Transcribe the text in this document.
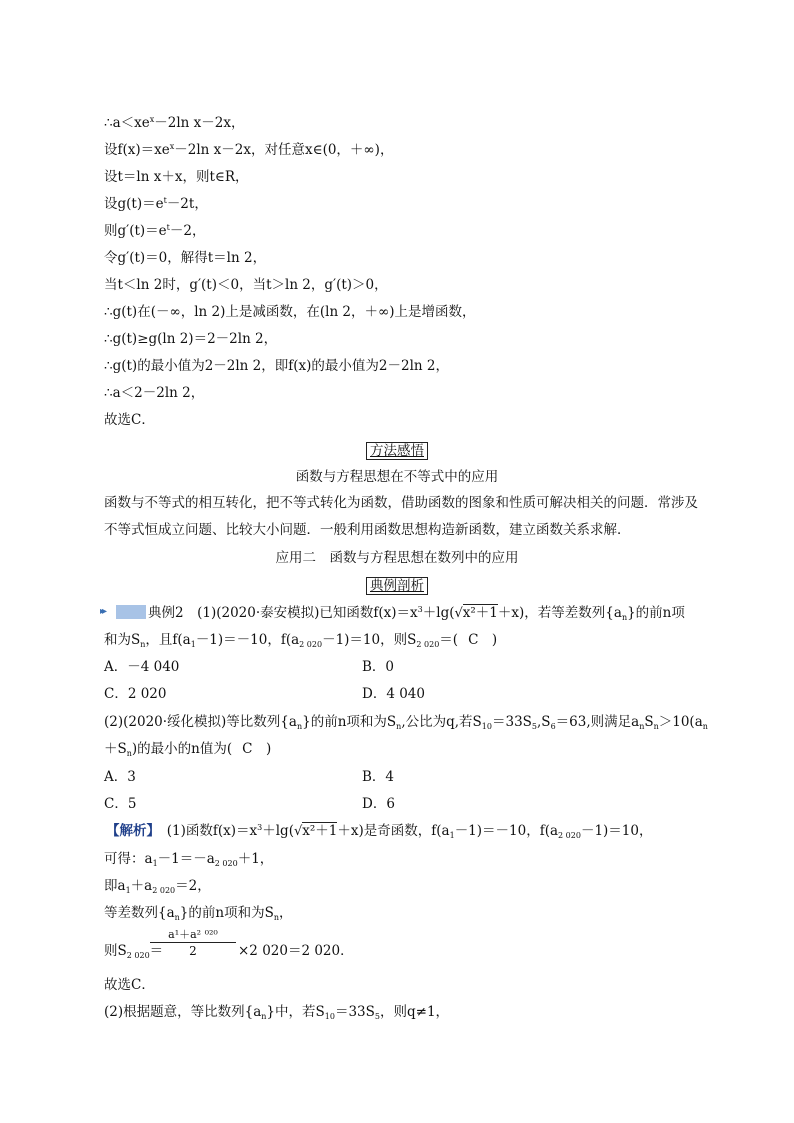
$\therefore a<xe^x-2\ln$ x－2x，
设$f(x)=xe^x-2\ln$ x－2x，对任意x∈(0，＋∞)，
设t＝ln x＋x，则t∈R，
设$g(t)=e^t-2t$，
则$g'(t)=e^t-2$，
令g′(t)＝0，解得t＝ln 2，
当t＜ln 2时，g′(t)＜0，当t＞ln 2，g′(t)＞0，
∴g(t)在(－∞，ln 2)上是减函数，在(ln 2，＋∞)上是增函数，
∴g(t)≥g(ln 2)＝2－2ln 2，
∴g(t)的最小值为2－2ln 2，即f(x)的最小值为2－2ln 2，
∴a＜2－2ln 2，
故选C．
方法感悟
函数与方程思想在不等式中的应用
函数与不等式的相互转化，把不等式转化为函数，借助函数的图象和性质可解决相关的问题．常涉及
不等式恒成立问题、比较大小问题．一般利用函数思想构造新函数，建立函数关系求解．
应用二　函数与方程思想在数列中的应用
典例剖析
▸▸典例2　(1)(2020·泰安模拟)已知函数$f(x)=x^3+\lg(√$ x²＋1＋x)，若等差数列$\{a_n\}$的前n项
和为$S_n$，且$f(a_1-1)=-10$，$f(a_{2 020}-1)=10$，则$S_{2 020}=$( C　)
A．－4 040	B．0
C．2 020	D．4 040
(2)(2020·绥化模拟)等比数列$\{a_n\}$的前n项和为$S_n$,公比为q,若$S_{10}=33S_5,S_6=63$,则满足$a_nS_n>10(a_n$
$+S_n$)的最小的n值为( C　)
A．3	B．4
C．5	D．6
【解析】　(1)函数$f(x)=x^3+\lg(√$ x²＋1＋x)是奇函数，$f(a_1-1)=-10$，$f(a_{2 020}-1)=10$，
可得：$a_1-1=-a_{2 020}+1$，
即$a_1+a_{2 020}=2$，
等差数列$\{a_n\}$的前n项和为$S_n$，
则$S_{2 020}=$
a¹＋a² ⁰²⁰
2	×2 020＝2 020．
故选C．
(2)根据题意，等比数列$\{a_n\}$中，若$S_{10}=33S_5$，则q≠1，
